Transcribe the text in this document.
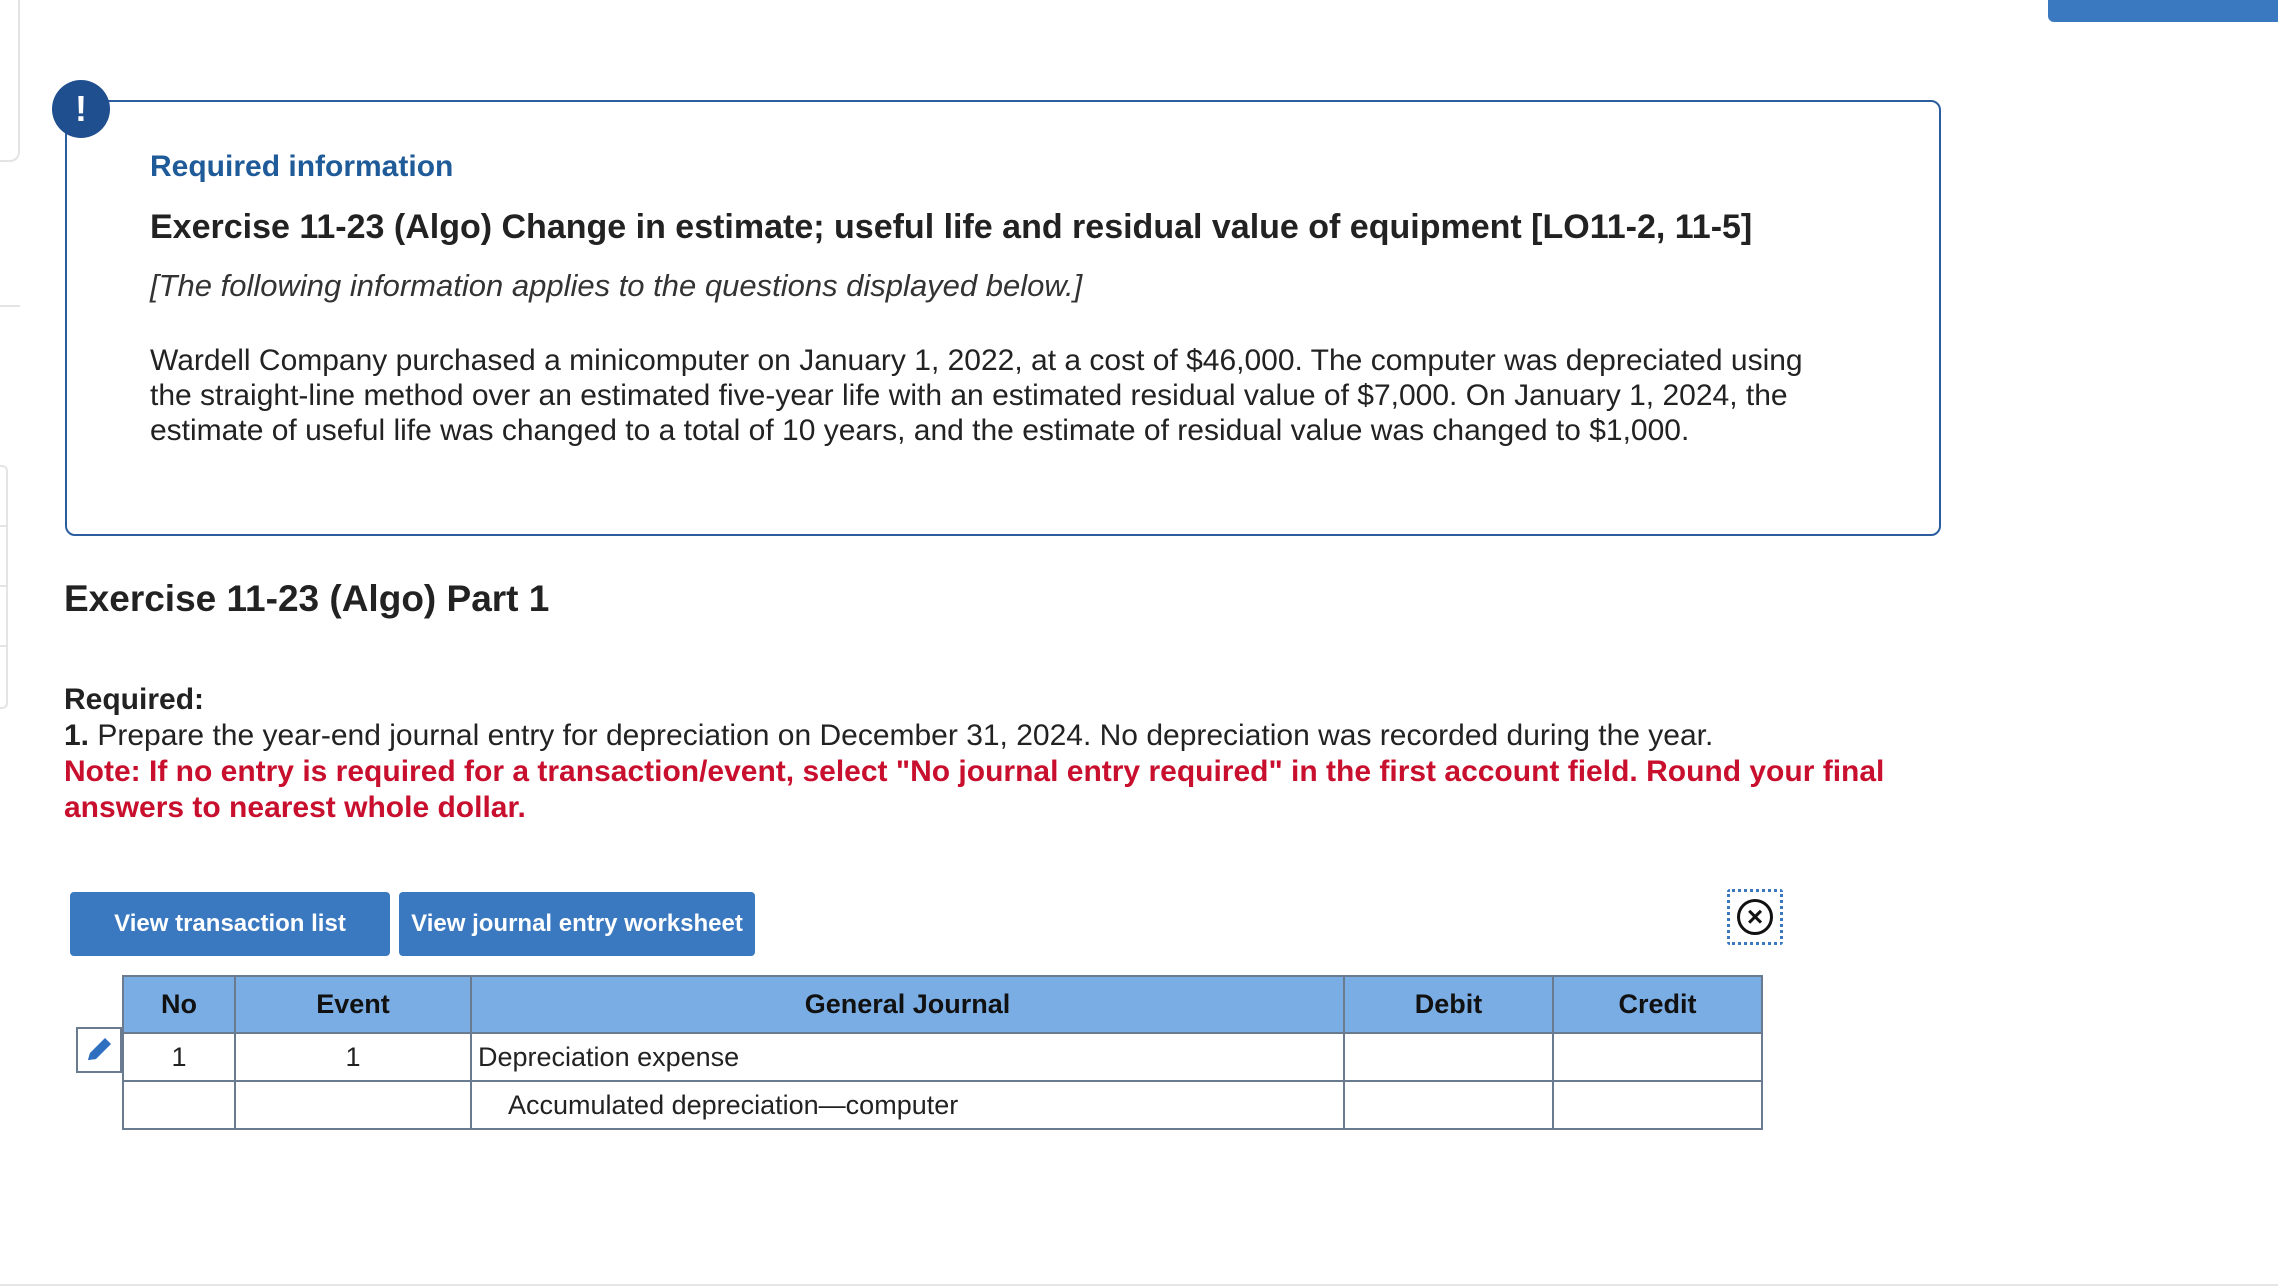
!
Required information
Exercise 11-23 (Algo) Change in estimate; useful life and residual value of equipment [LO11-2, 11-5]
[The following information applies to the questions displayed below.]
Wardell Company purchased a minicomputer on January 1, 2022, at a cost of $46,000. The computer was depreciated using the straight-line method over an estimated five-year life with an estimated residual value of $7,000. On January 1, 2024, the estimate of useful life was changed to a total of 10 years, and the estimate of residual value was changed to $1,000.
Exercise 11-23 (Algo) Part 1
Required:
1. Prepare the year-end journal entry for depreciation on December 31, 2024. No depreciation was recorded during the year.
Note: If no entry is required for a transaction/event, select "No journal entry required" in the first account field. Round your final answers to nearest whole dollar.
View transaction list	View journal entry worksheet	×
No	Event	General Journal	Debit	Credit
1	1	Depreciation expense		
		Accumulated depreciation—computer		
